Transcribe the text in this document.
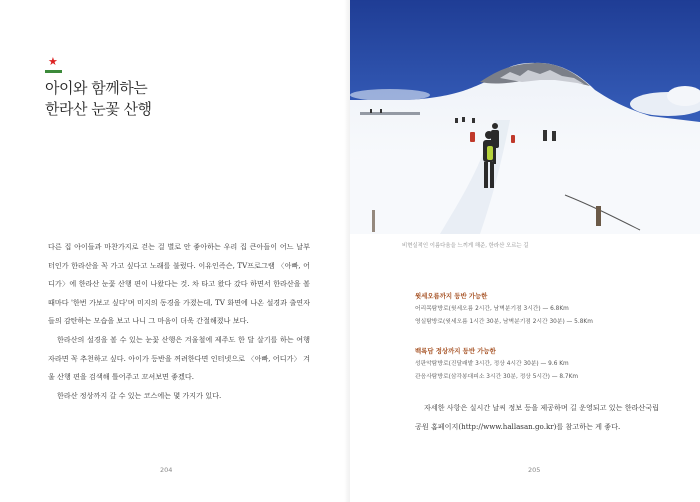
★
아이와 함께하는
한라산 눈꽃 산행

다른 집 아이들과 마찬가지로 걷는 걸 별로 안 좋아하는 우리 집 큰아들이 어느 날부터인가 한라산을 꼭 가고 싶다고 노래를 불렀다. 이유인즉슨, TV프로그램 〈아빠, 어디가〉에 한라산 눈꽃 산행 편이 나왔다는 것. 차 타고 왔다 갔다 하면서 한라산을 볼 때마다 '한번 가보고 싶다'며 미지의 동경을 가졌는데, TV 화면에 나온 설경과 출연자들의 감탄하는 모습을 보고 나니 그 마음이 더욱 간절해졌나 보다.

한라산의 설경을 볼 수 있는 눈꽃 산행은 겨울철에 제주도 한 달 살기를 하는 여행자라면 꼭 추천하고 싶다. 아이가 등반을 꺼려한다면 인터넷으로 〈아빠, 어디가〉 겨울 산행 편을 검색해 틀어주고 꼬셔보면 좋겠다.

한라산 정상까지 갈 수 있는 코스에는 몇 가지가 있다.

204
비현실적인 이름다움을 느끼게 해준, 한라산 오르는 길
윗세오름까지 등반 가능한
어리목탐방로(윗세오름 2시간, 남벽분기점 3시간) — 6.8Km
영실탐방로(윗세오름 1시간 30분, 남벽분기점 2시간 30분) — 5.8Km
백록담 정상까지 등반 가능한
성판악탐방로(진달래밭 3시간, 정상 4시간 30분) — 9.6 Km
관음사탐방로(삼각봉대피소 3시간 30분, 정상 5시간) — 8.7Km

자세한 사항은 실시간 날씨 정보 등을 제공하며 길 운영되고 있는 한라산국립공원 홈페이지(http://www.hallasan.go.kr)를 참고하는 게 좋다.

205
